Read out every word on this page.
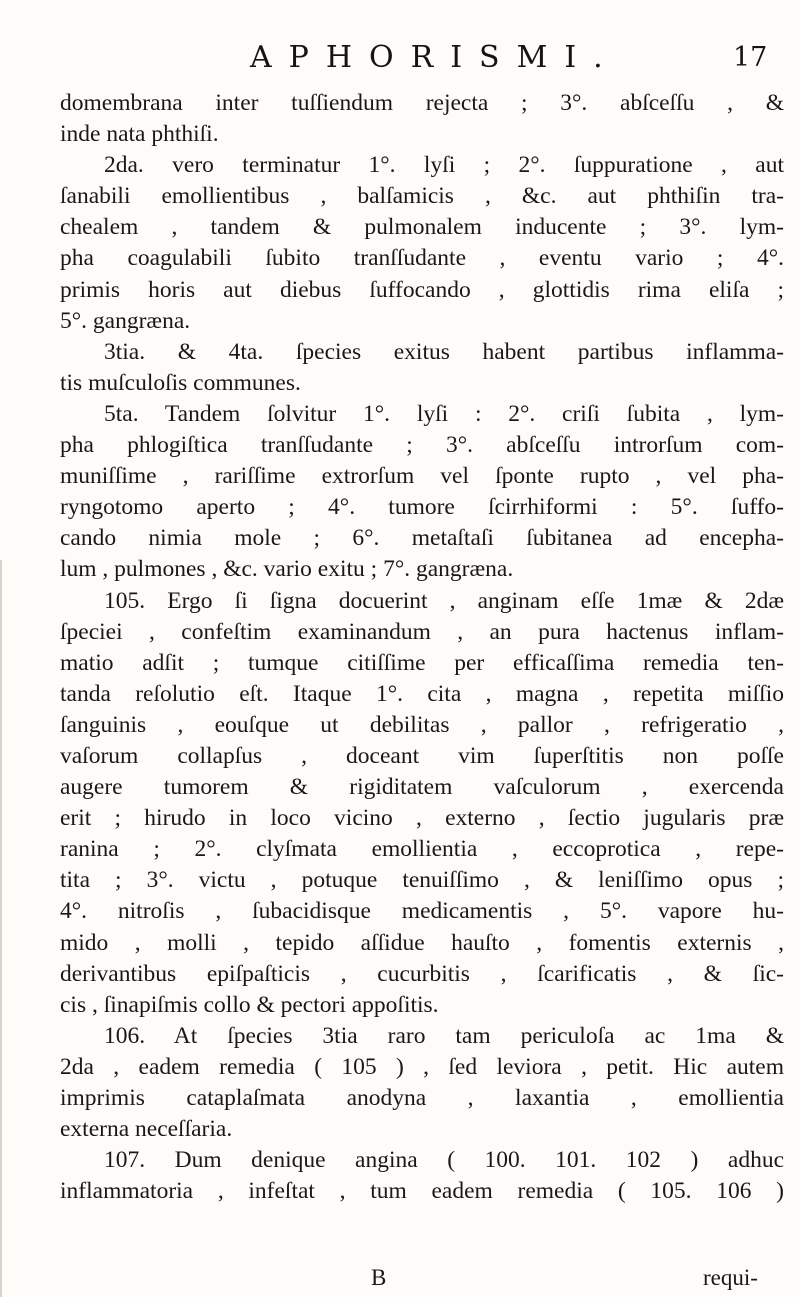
APHORISMI.	17
domembrana inter tuſſiendum rejecta ; 3°. abſceſſu , &
inde nata phthiſi.
2da. vero terminatur 1°. lyſi ; 2°. ſuppuratione , aut
ſanabili emollientibus , balſamicis , &c. aut phthiſin tra-
chealem , tandem & pulmonalem inducente ; 3°. lym-
pha coagulabili ſubito tranſſudante , eventu vario ; 4°.
primis horis aut diebus ſuffocando , glottidis rima eliſa ;
5°. gangræna.
3tia. & 4ta. ſpecies exitus habent partibus inflamma-
tis muſculoſis communes.
5ta. Tandem ſolvitur 1°. lyſi : 2°. criſi ſubita , lym-
pha phlogiſtica tranſſudante ; 3°. abſceſſu introrſum com-
muniſſime , rariſſime extrorſum vel ſponte rupto , vel pha-
ryngotomo aperto ; 4°. tumore ſcirrhiformi : 5°. ſuffo-
cando nimia mole ; 6°. metaſtaſi ſubitanea ad encepha-
lum , pulmones , &c. vario exitu ; 7°. gangræna.
105. Ergo ſi ſigna docuerint , anginam eſſe 1mæ & 2dæ
ſpeciei , confeſtim examinandum , an pura hactenus inflam-
matio adſit ; tumque citiſſime per efficaſſima remedia ten-
tanda reſolutio eſt. Itaque 1°. cita , magna , repetita miſſio
ſanguinis , eouſque ut debilitas , pallor , refrigeratio ,
vaſorum collapſus , doceant vim ſuperſtitis non poſſe
augere tumorem & rigiditatem vaſculorum , exercenda
erit ; hirudo in loco vicino , externo , ſectio jugularis præ
ranina ; 2°. clyſmata emollientia , eccoprotica , repe-
tita ; 3°. victu , potuque tenuiſſimo , & leniſſimo opus ;
4°. nitroſis , ſubacidisque medicamentis , 5°. vapore hu-
mido , molli , tepido aſſidue hauſto , fomentis externis ,
derivantibus epiſpaſticis , cucurbitis , ſcarificatis , & ſic-
cis , ſinapiſmis collo & pectori appoſitis.
106. At ſpecies 3tia raro tam periculoſa ac 1ma &
2da , eadem remedia ( 105 ) , ſed leviora , petit. Hic autem
imprimis cataplaſmata anodyna , laxantia , emollientia
externa neceſſaria.
107. Dum denique angina ( 100. 101. 102 ) adhuc
inflammatoria , infeſtat , tum eadem remedia ( 105. 106 )
B	requi-
